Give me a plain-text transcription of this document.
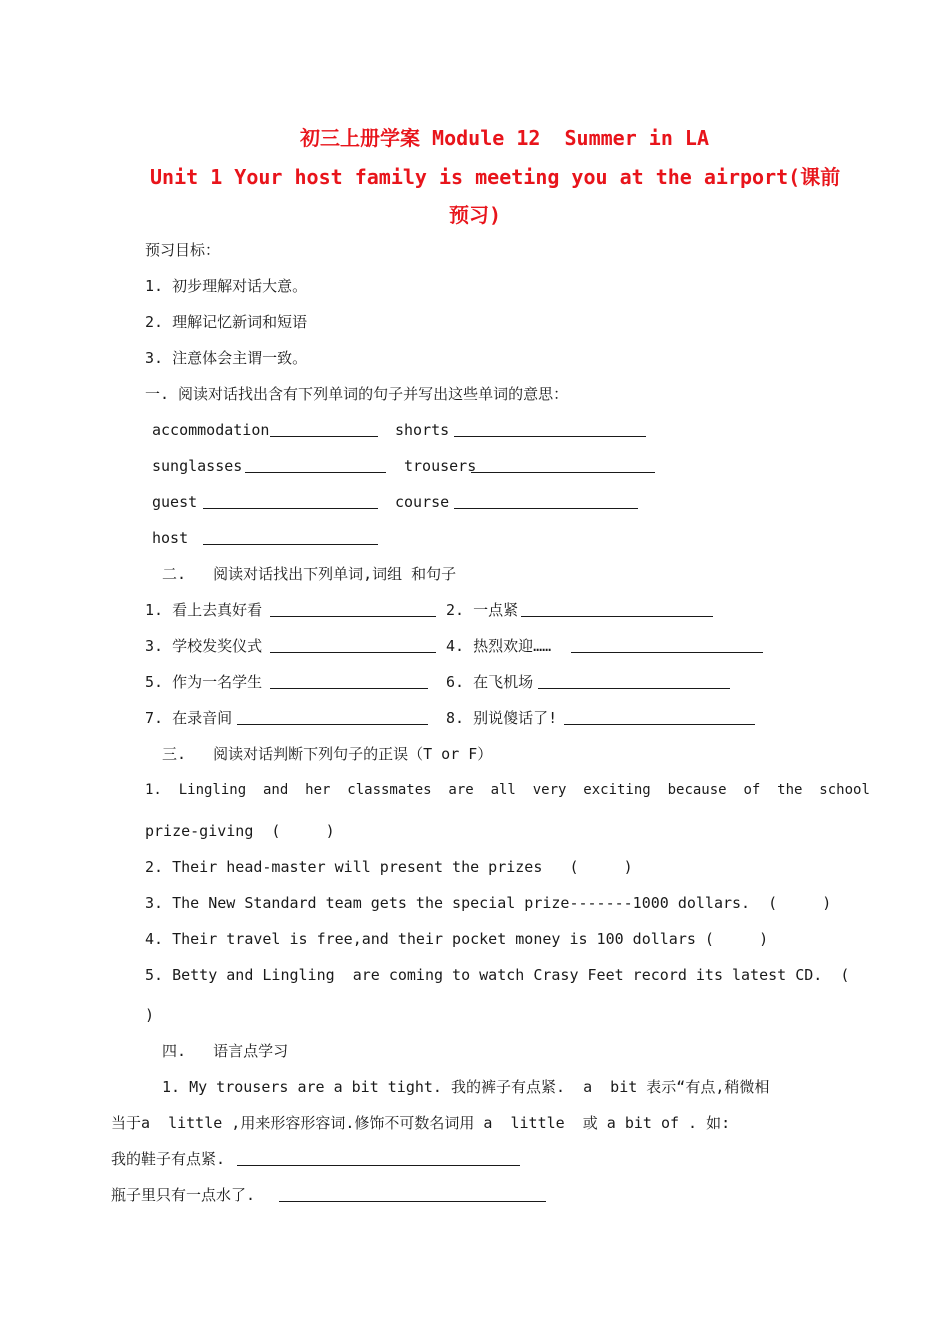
初三上册学案 Module 12  Summer in LA
Unit 1 Your host family is meeting you at the airport(课前
预习)
预习目标：
1. 初步理解对话大意。
2. 理解记忆新词和短语
3. 注意体会主谓一致。
一. 阅读对话找出含有下列单词的句子并写出这些单词的意思：
accommodation	shorts
sunglasses	trousers
guest	course
host
二.   阅读对话找出下列单词,词组 和句子
1. 看上去真好看	2. 一点紧
3. 学校发奖仪式	4. 热烈欢迎……
5. 作为一名学生	6. 在飞机场
7. 在录音间	8. 别说傻话了!
三.   阅读对话判断下列句子的正误（T or F）
1.  Lingling  and  her  classmates  are  all  very  exciting  because  of  the  school
prize-giving  (     )
2. Their head-master will present the prizes   (     )
3. The New Standard team gets the special prize-------1000 dollars.  (     )
4. Their travel is free,and their pocket money is 100 dollars (     )
5. Betty and Lingling  are coming to watch Crasy Feet record its latest CD.  (
)
四.   语言点学习
1. My trousers are a bit tight. 我的裤子有点紧.  a  bit 表示“有点,稍微相
当于a  little ,用来形容形容词.修饰不可数名词用 a  little  或 a bit of . 如:
我的鞋子有点紧.
瓶子里只有一点水了.
